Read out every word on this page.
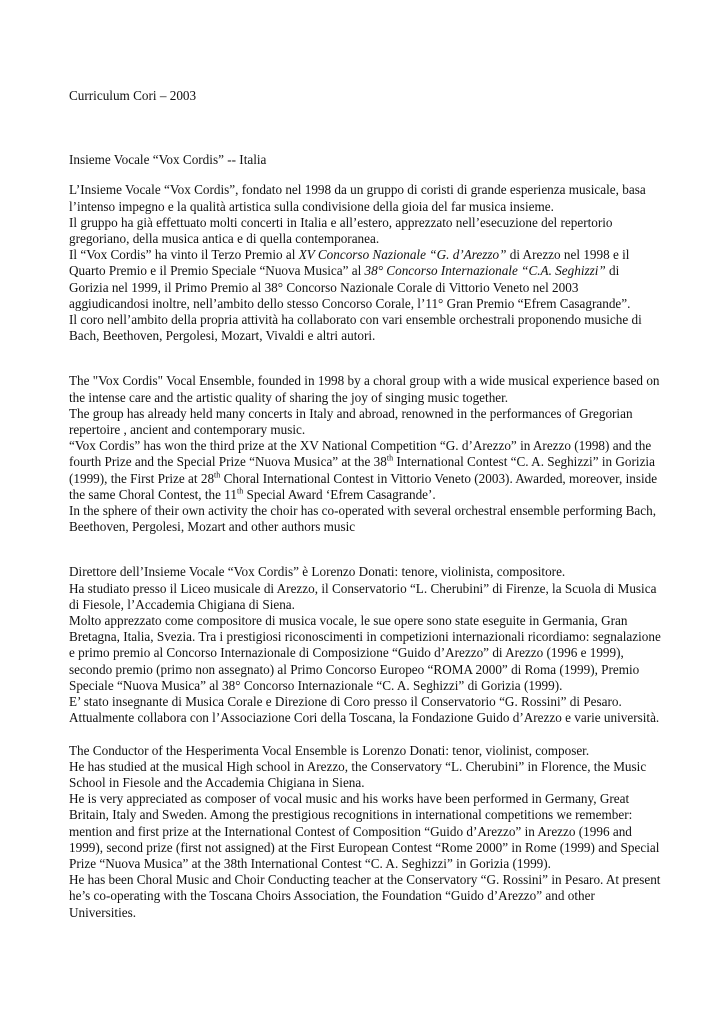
Curriculum Cori – 2003

Insieme Vocale “Vox Cordis” -- Italia

L’Insieme Vocale “Vox Cordis”, fondato nel 1998 da un gruppo di coristi di grande esperienza musicale, basa l’intenso impegno e la qualità artistica sulla condivisione della gioia del far musica insieme.

Il gruppo ha già effettuato molti concerti in Italia e all’estero, apprezzato nell’esecuzione del repertorio gregoriano, della musica antica e di quella contemporanea.

Il “Vox Cordis” ha vinto il Terzo Premio al XV Concorso Nazionale “G. d’Arezzo” di Arezzo nel 1998 e il Quarto Premio e il Premio Speciale “Nuova Musica” al 38° Concorso Internazionale “C.A. Seghizzi” di Gorizia nel 1999, il Primo Premio al 38° Concorso Nazionale Corale di Vittorio Veneto nel 2003 aggiudicandosi inoltre, nell’ambito dello stesso Concorso Corale, l’11° Gran Premio “Efrem Casagrande”.

Il coro nell’ambito della propria attività ha collaborato con vari ensemble orchestrali proponendo musiche di Bach, Beethoven, Pergolesi, Mozart, Vivaldi e altri autori.

The "Vox Cordis" Vocal Ensemble, founded in 1998 by a choral group with a wide musical experience based on the intense care and the artistic quality of sharing the joy of singing music together.

The group has already held many concerts in Italy and abroad, renowned in the performances of Gregorian repertoire , ancient and contemporary music.

“Vox Cordis” has won the third prize at the XV National Competition “G. d’Arezzo” in Arezzo (1998) and the fourth Prize and the Special Prize “Nuova Musica” at the 38th International Contest “C. A. Seghizzi” in Gorizia (1999), the First Prize at 28th Choral International Contest in Vittorio Veneto (2003). Awarded, moreover, inside the same Choral Contest, the 11th Special Award ‘Efrem Casagrande’.

In the sphere of their own activity the choir has co-operated with several orchestral ensemble performing Bach, Beethoven, Pergolesi, Mozart and other authors music

Direttore dell’Insieme Vocale “Vox Cordis” è Lorenzo Donati: tenore, violinista, compositore.

Ha studiato presso il Liceo musicale di Arezzo, il Conservatorio “L. Cherubini” di Firenze, la Scuola di Musica di Fiesole, l’Accademia Chigiana di Siena.

Molto apprezzato come compositore di musica vocale, le sue opere sono state eseguite in Germania, Gran Bretagna, Italia, Svezia. Tra i prestigiosi riconoscimenti in competizioni internazionali ricordiamo: segnalazione e primo premio al Concorso Internazionale di Composizione “Guido d’Arezzo” di Arezzo (1996 e 1999), secondo premio (primo non assegnato) al Primo Concorso Europeo “ROMA 2000” di Roma (1999), Premio Speciale “Nuova Musica” al 38° Concorso Internazionale “C. A. Seghizzi” di Gorizia (1999).

E’ stato insegnante di Musica Corale e Direzione di Coro presso il Conservatorio “G. Rossini” di Pesaro.

Attualmente collabora con l’Associazione Cori della Toscana, la Fondazione Guido d’Arezzo e varie università.

The Conductor of the Hesperimenta Vocal Ensemble is Lorenzo Donati: tenor, violinist, composer.

He has studied at the musical High school in Arezzo, the Conservatory “L. Cherubini” in Florence, the Music School in Fiesole and the Accademia Chigiana in Siena.

He is very appreciated as composer of vocal music and his works have been performed in Germany, Great Britain, Italy and Sweden. Among the prestigious recognitions in international competitions we remember: mention and first prize at the International Contest of Composition “Guido d’Arezzo” in Arezzo (1996 and 1999), second prize (first not assigned) at the First European Contest “Rome 2000” in Rome (1999) and Special Prize “Nuova Musica” at the 38th International Contest “C. A. Seghizzi” in Gorizia (1999).

He has been Choral Music and Choir Conducting teacher at the Conservatory “G. Rossini” in Pesaro. At present he’s co-operating with the Toscana Choirs Association, the Foundation “Guido d’Arezzo” and other Universities.
